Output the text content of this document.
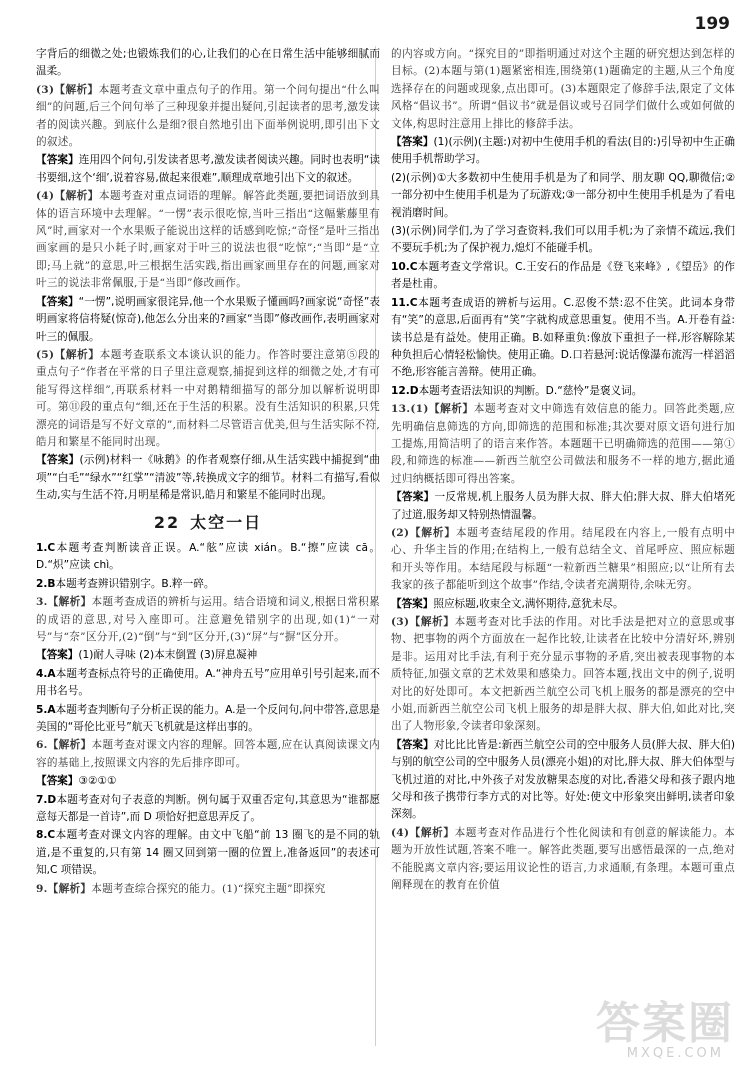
199

字背后的细微之处;也锻炼我们的心,让我们的心在日常生活中能够细腻而温柔。

(3)【解析】本题考查文章中重点句子的作用。第一个问句提出“什么叫细”的问题,后三个问句举了三种现象并提出疑问,引起读者的思考,激发读者的阅读兴趣。到底什么是细?很自然地引出下面举例说明,即引出下文的叙述。

【答案】连用四个问句,引发读者思考,激发读者阅读兴趣。同时也表明“读书要细,这个‘细’,说着容易,做起来很难”,顺理成章地引出下文的叙述。

(4)【解析】本题考查对重点词语的理解。解答此类题,要把词语放到具体的语言环境中去理解。“一愣”表示很吃惊,当叶三指出“这幅紫藤里有风”时,画家对一个水果贩子能说出这样的话感到吃惊;“奇怪”是叶三指出画家画的是只小耗子时,画家对于叶三的说法也很“吃惊”;“当即”是“立即;马上就”的意思,叶三根据生活实践,指出画家画里存在的问题,画家对叶三的说法非常佩服,于是“当即”修改画作。

【答案】“一愣”,说明画家很诧异,他一个水果贩子懂画吗?画家说“奇怪”表明画家将信将疑(惊奇),他怎么分出来的?画家“当即”修改画作,表明画家对叶三的佩服。

(5)【解析】本题考查联系文本谈认识的能力。作答时要注意第⑤段的重点句子“作者在平常的日子里注意观察,捕捉到这样的细微之处,才有可能写得这样细”,再联系材料一中对鹅精细描写的部分加以解析说明即可。第⑪段的重点句“细,还在于生活的积累。没有生活知识的积累,只凭漂亮的词语是写不好文章的”,而材料二尽管语言优美,但与生活实际不符,皓月和繁星不能同时出现。

【答案】(示例)材料一《咏鹅》的作者观察仔细,从生活实践中捕捉到“曲项”“白毛”“绿水”“红掌”“清波”等,转换成文字的细节。材料二有描写,看似生动,实与生活不符,月明星稀是常识,皓月和繁星不能同时出现。

22 太空一日

1.C本题考查判断读音正误。A.“舷”应读 xián。B.“擦”应读 cā。D.“炽”应读 chì。

2.B本题考查辨识错别字。B.粹一碎。

3.【解析】本题考查成语的辨析与运用。结合语境和词义,根据日常积累的成语的意思,对号入座即可。注意避免错别字的出现,如(1)“一对号”与“奈”区分开,(2)“倒”与“到”区分开,(3)“屏”与“摒”区分开。

【答案】(1)耐人寻味 (2)本末倒置 (3)屏息凝神

4.A本题考查标点符号的正确使用。A.“神舟五号”应用单引号引起来,而不用书名号。

5.A本题考查判断句子分析正误的能力。A.是一个反问句,问中带答,意思是美国的“哥伦比亚号”航天飞机就是这样出事的。

6.【解析】本题考查对课文内容的理解。回答本题,应在认真阅读课文内容的基础上,按照课文内容的先后排序即可。

【答案】③②①①

7.D本题考查对句子表意的判断。例句属于双重否定句,其意思为“谁都愿意每天都是一首诗”,而 D 项恰好把意思弄反了。

8.C本题考查对课文内容的理解。由文中飞船“前 13 圈飞的是不同的轨道,是不重复的,只有第 14 圈又回到第一圈的位置上,准备返回”的表述可知,C 项错误。

9.【解析】本题考查综合探究的能力。(1)“探究主题”即探究

的内容或方向。“探究目的”即指明通过对这个主题的研究想达到怎样的目标。(2)本题与第(1)题紧密相连,围绕第(1)题确定的主题,从三个角度选择存在的问题或现象,点出即可。(3)本题限定了修辞手法,限定了文体风格“倡议书”。所谓“倡议书”就是倡议或号召同学们做什么或如何做的文体,构思时注意用上排比的修辞手法。

【答案】(1)(示例)(主题:)对初中生使用手机的看法(目的:)引导初中生正确使用手机帮助学习。

(2)(示例)①大多数初中生使用手机是为了和同学、朋友聊 QQ,聊微信;②一部分初中生使用手机是为了玩游戏;③一部分初中生使用手机是为了看电视消磨时间。

(3)(示例)同学们,为了学习查资料,我们可以用手机;为了亲情不疏远,我们不要玩手机;为了保护视力,熄灯不能碰手机。

10.C本题考查文学常识。C.王安石的作品是《登飞来峰》,《望岳》的作者是杜甫。

11.C本题考查成语的辨析与运用。C.忍俊不禁:忍不住笑。此词本身带有“笑”的意思,后面再有“笑”字就构成意思重复。使用不当。A.开卷有益:读书总是有益处。使用正确。B.如释重负:像放下重担子一样,形容解除某种负担后心情轻松愉快。使用正确。D.口若悬河:说话像瀑布流泻一样滔滔不绝,形容能言善辩。使用正确。

12.D本题考查语法知识的判断。D.“慈怜”是褒义词。

13.(1)【解析】本题考查对文中筛选有效信息的能力。回答此类题,应先明确信息筛选的方向,即筛选的范围和标准;其次要对原文语句进行加工提炼,用简洁明了的语言来作答。本题题干已明确筛选的范围——第①段,和筛选的标准——新西兰航空公司做法和服务不一样的地方,据此通过归纳概括即可得出答案。

【答案】一反常规,机上服务人员为胖大叔、胖大伯;胖大叔、胖大伯堵死了过道,服务却又特别热情温馨。

(2)【解析】本题考查结尾段的作用。结尾段在内容上,一般有点明中心、升华主旨的作用;在结构上,一般有总结全文、首尾呼应、照应标题和开头等作用。本结尾段与标题“一粒新西兰糖果”相照应;以“让所有去我家的孩子都能听到这个故事”作结,令读者充满期待,余味无穷。

【答案】照应标题,收束全文,满怀期待,意犹未尽。

(3)【解析】本题考查对比手法的作用。对比手法是把对立的意思或事物、把事物的两个方面放在一起作比较,让读者在比较中分清好坏,辨别是非。运用对比手法,有利于充分显示事物的矛盾,突出被表现事物的本质特征,加强文章的艺术效果和感染力。回答本题,找出文中的例子,说明对比的好处即可。本文把新西兰航空公司飞机上服务的都是漂亮的空中小姐,而新西兰航空公司飞机上服务的却是胖大叔、胖大伯,如此对比,突出了人物形象,令读者印象深刻。

【答案】对比比比皆是:新西兰航空公司的空中服务人员(胖大叔、胖大伯)与别的航空公司的空中服务人员(漂亮小姐)的对比,胖大叔、胖大伯体型与飞机过道的对比,中外孩子对发放糖果态度的对比,香港父母和孩子跟内地父母和孩子携带行李方式的对比等。好处:使文中形象突出鲜明,读者印象深刻。

(4)【解析】本题考查对作品进行个性化阅读和有创意的解读能力。本题为开放性试题,答案不唯一。解答此类题,要写出感悟最深的一点,绝对不能脱离文章内容;要运用议论性的语言,力求通顺,有条理。本题可重点阐释现在的教育在价值

答案圈
MXQE.COM
